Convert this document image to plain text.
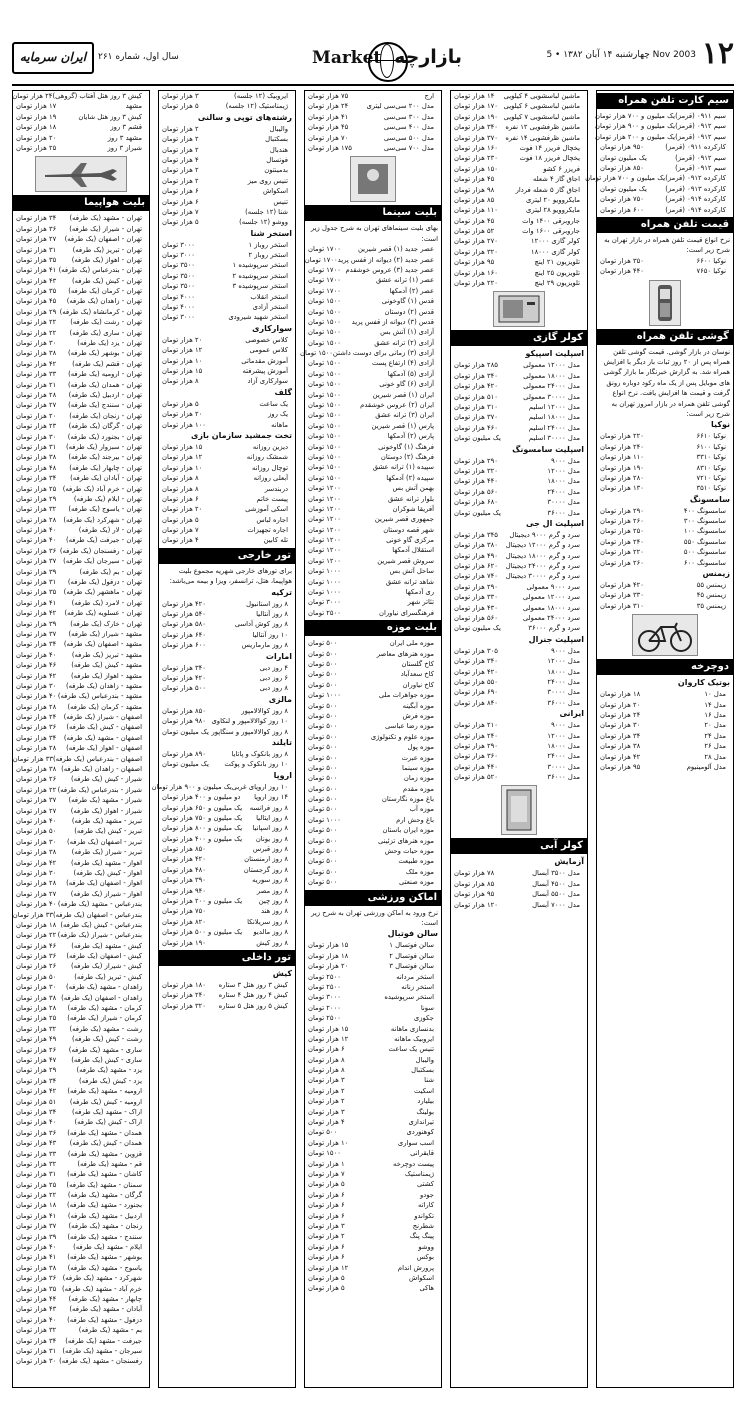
۱۲
چهارشنبه ۱۴ آبان ۱۳۸۲ • 5 Nov 2003
Market بازارچه
سال اول، شماره ۲۶۱
ایران سرمایه
سیم کارت تلفن همراه
سیم ۰۹۱۱ (قرمز)
یک میلیون و ۷۰۰ هزار تومان
سیم ۰۹۱۲ (قرمز)
یک میلیون و ۹۰۰ هزار تومان
سیم ۰۹۱۲ (قرمز)
یک میلیون و ۲۰۰ هزار تومان
کارکرده ۰۹۱۱ (قرمز)
۹۵۰ هزار تومان
سیم ۰۹۱۲ (قرمز)
یک میلیون تومان
سیم ۰۹۱۲ (قرمز)
۸۵۰ هزار تومان
کارکرده ۰۹۱۲ (قرمز)
یک میلیون و ۷۰۰ هزار تومان
کارکرده ۰۹۱۳ (قرمز)
یک میلیون تومان
کارکرده ۰۹۱۴ (قرمز)
۷۵۰ هزار تومان
کارکرده ۰۹۱۴ (قرمز)
۶۰۰ هزار تومان
قیمت تلفن همراه
نرخ انواع قیمت تلفن همراه در بازار تهران به شرح زیر است:
نوکیا ۶۶۰۰
۳۵۰ هزار تومان
نوکیا ۷۶۵۰
۴۴۰ هزار تومان
گوشی تلفن همراه
نوسان در بازار گوشی. قیمت گوشی تلفن همراه پس از ۲۰ روز ثبات بار دیگر با افزایش همراه شد. به گزارش خبرنگار ما بازار گوشی های موبایل پس از یک ماه رکود دوباره رونق گرفت و قیمت ها افزایش یافت. نرخ انواع گوشی تلفن همراه در بازار امروز تهران به شرح زیر است:
نوکیا
نوکیا ۶۶۱۰
۲۲۰ هزار تومان
نوکیا ۶۱۰۰
۲۴۰ هزار تومان
نوکیا ۳۳۱۰
۱۱۰ هزار تومان
نوکیا ۸۳۱۰
۱۹۰ هزار تومان
نوکیا ۷۲۱۰
۲۸۰ هزار تومان
نوکیا ۳۵۱۰
۱۳۰ هزار تومان
سامسونگ
سامسونگ ۴۰۰
۲۹۰ هزار تومان
سامسونگ ۳۰۰
۲۶۰ هزار تومان
سامسونگ ۱۰۰
۲۵۰ هزار تومان
سامسونگ ۵۵۰
۲۴۰ هزار تومان
سامسونگ ۵۰۰
۲۲۰ هزار تومان
سامسونگ ۶۰۰
۲۶۰ هزار تومان
زیمنس
زیمنس ۵۵
۴۲۰ هزار تومان
زیمنس ۴۵
۳۳۰ هزار تومان
زیمنس ۳۵
۳۱۰ هزار تومان
دوچرخه
بوتیک کاروان
مدل ۱۰
۱۸ هزار تومان
مدل ۱۴
۲۰ هزار تومان
مدل ۱۶
۲۴ هزار تومان
مدل ۲۰
۳۰ هزار تومان
مدل ۲۴
۳۴ هزار تومان
مدل ۲۶
۳۸ هزار تومان
مدل ۲۸
۴۲ هزار تومان
مدل آلومینیوم
۹۵ هزار تومان
ماشین لباسشویی ۴ کیلویی
۱۴ هزار تومان
ماشین لباسشویی ۶ کیلویی
۱۷۰ هزار تومان
ماشین لباسشویی ۷ کیلویی
۱۹۰ هزار تومان
ماشین ظرفشویی ۱۲ نفره
۳۴۰ هزار تومان
ماشین ظرفشویی ۱۴ نفره
۳۷۰ هزار تومان
یخچال فریزر ۱۴ فوت
۱۶۰ هزار تومان
یخچال فریزر ۱۸ فوت
۲۳۰ هزار تومان
فریزر ۶ کشو
۱۵۰ هزار تومان
اجاق گاز ۴ شعله
۴۵ هزار تومان
اجاق گاز ۵ شعله فردار
۹۸ هزار تومان
مایکروویو ۲۰ لیتری
۸۵ هزار تومان
مایکروویو ۲۸ لیتری
۱۱۰ هزار تومان
جاروبرقی ۱۴۰۰ وات
۴۵ هزار تومان
جاروبرقی ۱۶۰۰ وات
۵۲ هزار تومان
کولر گازی ۱۲۰۰۰
۲۷۰ هزار تومان
کولر گازی ۱۸۰۰۰
۳۲۰ هزار تومان
تلویزیون ۲۱ اینچ
۹۵ هزار تومان
تلویزیون ۲۵ اینچ
۱۶۰ هزار تومان
تلویزیون ۲۹ اینچ
۲۲۰ هزار تومان
کولر گازی
اسپلیت اسپیکو
مدل ۱۲۰۰۰ معمولی
۲۸۵ هزار تومان
مدل ۱۸۰۰۰ معمولی
۳۴۰ هزار تومان
مدل ۲۴۰۰۰ معمولی
۴۲۰ هزار تومان
مدل ۳۰۰۰۰ معمولی
۵۱۰ هزار تومان
مدل ۱۲۰۰۰ اسلیم
۳۱۰ هزار تومان
مدل ۱۸۰۰۰ اسلیم
۳۷۰ هزار تومان
مدل ۲۴۰۰۰ اسلیم
۴۶۰ هزار تومان
مدل ۳۰۰۰۰ اسلیم
یک میلیون تومان
اسپلیت سامسونگ
مدل ۹۰۰۰
۲۹۰ هزار تومان
مدل ۱۲۰۰۰
۳۲۰ هزار تومان
مدل ۱۸۰۰۰
۴۴۰ هزار تومان
مدل ۲۴۰۰۰
۵۶۰ هزار تومان
مدل ۳۰۰۰۰
۶۸۰ هزار تومان
مدل ۳۶۰۰۰
یک میلیون تومان
اسپلیت ال جی
سرد و گرم ۹۰۰۰ دیجیتال
۳۴۵ هزار تومان
سرد و گرم ۱۲۰۰۰ دیجیتال
۳۸۰ هزار تومان
سرد و گرم ۱۸۰۰۰ دیجیتال
۴۹۰ هزار تومان
سرد و گرم ۲۴۰۰۰ دیجیتال
۶۲۰ هزار تومان
سرد و گرم ۳۰۰۰۰ دیجیتال
۷۴۰ هزار تومان
سرد ۹۰۰۰ معمولی
۲۹۰ هزار تومان
سرد ۱۲۰۰۰ معمولی
۳۳۰ هزار تومان
سرد ۱۸۰۰۰ معمولی
۴۳۰ هزار تومان
سرد ۲۴۰۰۰ معمولی
۵۶۰ هزار تومان
سرد و گرم ۳۶۰۰۰
یک میلیون تومان
اسپلیت جنرال
مدل ۹۰۰۰
۳۰۵ هزار تومان
مدل ۱۲۰۰۰
۳۴۰ هزار تومان
مدل ۱۸۰۰۰
۴۲۰ هزار تومان
مدل ۲۴۰۰۰
۵۵۰ هزار تومان
مدل ۳۰۰۰۰
۶۹۰ هزار تومان
مدل ۳۶۰۰۰
۸۴۰ هزار تومان
ایرانی
مدل ۹۰۰۰
۲۱۰ هزار تومان
مدل ۱۲۰۰۰
۲۴۰ هزار تومان
مدل ۱۸۰۰۰
۲۹۰ هزار تومان
مدل ۲۴۰۰۰
۳۶۰ هزار تومان
مدل ۳۰۰۰۰
۴۴۰ هزار تومان
مدل ۳۶۰۰۰
۵۲۰ هزار تومان
کولر آبی
آزمایش
مدل ۳۵۰۰ آبسال
۷۸ هزار تومان
مدل ۴۵۰۰ آبسال
۸۵ هزار تومان
مدل ۵۵۰۰ آبسال
۹۵ هزار تومان
مدل ۷۰۰۰ آبسال
۱۲۰ هزار تومان
ارج
۷۵ هزار تومان
مدل ۲۰۰ سی‌سی لیتری
۲۴ هزار تومان
مدل ۳۰۰ سی‌سی
۴۱ هزار تومان
مدل ۴۰۰ سی‌سی
۴۵ هزار تومان
مدل ۵۰۰ سی‌سی
۷۰ هزار تومان
مدل ۷۰۰ سی‌سی
۱۷۵ هزار تومان
بلیت سینما
بهای بلیت سینماهای تهران به شرح جدول زیر است:
عصر جدید (۱) قصر شیرین
۱۷۰۰ تومان
عصر جدید (۲) دیوانه از قفس پرید
۱۷۰۰ تومان
عصر جدید (۳) عروس خوشقدم
۱۷۰۰ تومان
عصر (۱) ترانه عشق
۱۷۰۰ تومان
عصر (۲) آدمکها
۱۷۰۰ تومان
قدس (۱) گاوخونی
۱۵۰۰ تومان
قدس (۲) دوستان
۱۵۰۰ تومان
قدس (۳) دیوانه از قفس پرید
۱۵۰۰ تومان
آزادی (۱) آتش بس
۱۵۰۰ تومان
آزادی (۲) ترانه عشق
۱۵۰۰ تومان
آزادی (۳) زمانی برای دوست داشتن
۱۵۰۰ تومان
آزادی (۴) ارتفاع پست
۱۵۰۰ تومان
آزادی (۵) آدمکها
۱۵۰۰ تومان
آزادی (۶) گاو خونی
۱۵۰۰ تومان
ایران (۱) قصر شیرین
۱۵۰۰ تومان
ایران (۲) عروس خوشقدم
۱۵۰۰ تومان
ایران (۳) ترانه عشق
۱۵۰۰ تومان
پارس (۱) قصر شیرین
۱۵۰۰ تومان
پارس (۲) آدمکها
۱۵۰۰ تومان
فرهنگ (۱) گاوخونی
۱۵۰۰ تومان
فرهنگ (۲) دوستان
۱۵۰۰ تومان
سپیده (۱) ترانه عشق
۱۵۰۰ تومان
سپیده (۲) آدمکها
۱۵۰۰ تومان
بهمن آتش بس
۱۲۰۰ تومان
بلوار ترانه عشق
۱۲۰۰ تومان
آفریقا شوکران
۱۲۰۰ تومان
جمهوری قصر شیرین
۱۲۰۰ تومان
شهر قصه دوستان
۱۲۰۰ تومان
مرکزی گاو خونی
۱۲۰۰ تومان
استقلال آدمکها
۱۲۰۰ تومان
سروش قصر شیرین
۱۲۰۰ تومان
ساحل آتش بس
۱۰۰۰ تومان
شاهد ترانه عشق
۱۰۰۰ تومان
ری آدمکها
۱۰۰۰ تومان
تئاتر شهر
۳۰۰۰ تومان
فرهنگسرای نیاوران
۲۵۰۰ تومان
بلیت موزه
موزه ملی ایران
۵۰۰ تومان
موزه هنرهای معاصر
۵۰۰ تومان
کاخ گلستان
۵۰۰ تومان
کاخ سعدآباد
۵۰۰ تومان
کاخ نیاوران
۵۰۰ تومان
موزه جواهرات ملی
۱۰۰۰ تومان
موزه آبگینه
۵۰۰ تومان
موزه فرش
۵۰۰ تومان
موزه رضا عباسی
۵۰۰ تومان
موزه علوم و تکنولوژی
۵۰۰ تومان
موزه پول
۵۰۰ تومان
موزه عبرت
۵۰۰ تومان
موزه سینما
۵۰۰ تومان
موزه زمان
۵۰۰ تومان
موزه مقدم
۵۰۰ تومان
باغ موزه نگارستان
۵۰۰ تومان
موزه آب
۵۰۰ تومان
باغ وحش ارم
۱۰۰۰ تومان
موزه ایران باستان
۵۰۰ تومان
موزه هنرهای تزئینی
۵۰۰ تومان
موزه حیات وحش
۵۰۰ تومان
موزه طبیعت
۵۰۰ تومان
موزه ملک
۵۰۰ تومان
موزه صنعتی
۵۰۰ تومان
اماکن ورزشی
نرخ ورود به اماکن ورزشی تهران به شرح زیر است:
سالن فوتبال
سالن فوتسال ۱
۱۵ هزار تومان
سالن فوتسال ۲
۱۸ هزار تومان
سالن فوتسال ۳
۲۰ هزار تومان
استخر مردانه
۲۵۰۰ تومان
استخر زنانه
۲۵۰۰ تومان
استخر سرپوشیده
۳۰۰۰ تومان
سونا
۲۰۰۰ تومان
جکوزی
۲۵۰۰ تومان
بدنسازی ماهانه
۱۵ هزار تومان
ایروبیک ماهانه
۱۲ هزار تومان
تنیس یک ساعت
۶ هزار تومان
والیبال
۸ هزار تومان
بسکتبال
۸ هزار تومان
شنا
۳ هزار تومان
اسکیت
۲ هزار تومان
بیلیارد
۲ هزار تومان
بولینگ
۳ هزار تومان
تیراندازی
۴ هزار تومان
کوهنوردی
۵۰۰ تومان
اسب سواری
۱۰ هزار تومان
قایقرانی
۱۵۰۰ تومان
پیست دوچرخه
۱ هزار تومان
ژیمناستیک
۷ هزار تومان
کشتی
۵ هزار تومان
جودو
۶ هزار تومان
کاراته
۶ هزار تومان
تکواندو
۶ هزار تومان
شطرنج
۳ هزار تومان
پینگ پنگ
۲ هزار تومان
ووشو
۶ هزار تومان
بوکس
۶ هزار تومان
پرورش اندام
۱۲ هزار تومان
اسکواش
۵ هزار تومان
هاکی
۵ هزار تومان
ایروبیک (۱۲ جلسه)
۳ هزار تومان
ژیمناستیک (۱۲ جلسه)
۵ هزار تومان
رشته‌های توپی و سالنی
والیبال
۲ هزار تومان
بسکتبال
۲ هزار تومان
هندبال
۲ هزار تومان
فوتسال
۴ هزار تومان
بدمینتون
۲ هزار تومان
تنیس روی میز
۲ هزار تومان
اسکواش
۶ هزار تومان
تنیس
۶ هزار تومان
شنا (۱۲ جلسه)
۷ هزار تومان
ووشو (۱۲ جلسه)
۵ هزار تومان
استخر شنا
استخر روباز ۱
۳۰۰۰ تومان
استخر روباز ۲
۳۰۰۰ تومان
استخر سرپوشیده ۱
۳۵۰۰ تومان
استخر سرپوشیده ۲
۳۵۰۰ تومان
استخر سرپوشیده ۳
۳۵۰۰ تومان
استخر انقلاب
۴۰۰۰ تومان
استخر آزادی
۴۰۰۰ تومان
استخر شهید شیرودی
۳۰۰۰ تومان
سوارکاری
کلاس خصوصی
۲۰ هزار تومان
کلاس عمومی
۱۲ هزار تومان
آموزش مقدماتی
۱۰ هزار تومان
آموزش پیشرفته
۱۵ هزار تومان
سوارکاری آزاد
۸ هزار تومان
گلف
یک ساعت
۵ هزار تومان
یک روز
۲۰ هزار تومان
ماهانه
۱۰۰ هزار تومان
تخت جمشید سازمان بازی
دیزین روزانه
۱۵ هزار تومان
شمشک روزانه
۱۲ هزار تومان
توچال روزانه
۱۰ هزار تومان
آبعلی روزانه
۸ هزار تومان
دربندسر
۸ هزار تومان
پیست خاتم
۶ هزار تومان
اسکی آموزشی
۲۰ هزار تومان
اجاره لباس
۵ هزار تومان
اجاره تجهیزات
۷ هزار تومان
تله کابین
۴ هزار تومان
تور خارجی
برای تورهای خارجی شهریه مجموع بلیت هواپیما، هتل، ترانسفر، ویزا و بیمه می‌باشد:
ترکیه
۸ روز استانبول
۴۲۰ هزار تومان
۸ روز آنتالیا
۵۴۰ هزار تومان
۸ روز کوش آداسی
۵۸۰ هزار تومان
۱۰ روز آنتالیا
۶۴۰ هزار تومان
۸ روز مارماریس
۶۰۰ هزار تومان
امارات
۴ روز دبی
۳۴۰ هزار تومان
۶ روز دبی
۴۲۰ هزار تومان
۸ روز دبی
۵۰۰ هزار تومان
مالزی
۸ روز کوالالامپور
۸۵۰ هزار تومان
۱۰ روز کوالالامپور و لنکاوی
۹۸۰ هزار تومان
۸ روز کوالالامپور و سنگاپور
یک میلیون تومان
تایلند
۸ روز بانکوک و پاتایا
۸۹۰ هزار تومان
۱۰ روز بانکوک و پوکت
یک میلیون تومان
اروپا
۱۰ روز اروپای غربی
یک میلیون و ۹۰۰ هزار تومان
۱۴ روز اروپا
دو میلیون و ۴۰۰ هزار تومان
۸ روز فرانسه
یک میلیون و ۶۵۰ هزار تومان
۸ روز ایتالیا
یک میلیون و ۷۵۰ هزار تومان
۸ روز اسپانیا
یک میلیون و ۸۰۰ هزار تومان
۸ روز یونان
یک میلیون و ۴۰۰ هزار تومان
۸ روز قبرس
۸۵۰ هزار تومان
۸ روز ارمنستان
۴۲۰ هزار تومان
۸ روز گرجستان
۴۸۰ هزار تومان
۸ روز سوریه
۳۹۰ هزار تومان
۸ روز مصر
۹۴۰ هزار تومان
۸ روز چین
یک میلیون و ۲۰۰ هزار تومان
۸ روز هند
۷۵۰ هزار تومان
۸ روز سریلانکا
۸۲۰ هزار تومان
۸ روز مالدیو
یک میلیون و ۵۰۰ هزار تومان
۸ روز کیش
۱۹۰ هزار تومان
تور داخلی
کیش
کیش ۳ روز هتل ۳ ستاره
۱۸۰ هزار تومان
کیش ۴ روز هتل ۴ ستاره
۲۴۰ هزار تومان
کیش ۵ روز هتل ۵ ستاره
۳۲۰ هزار تومان
کیش ۳ روز هتل آفتاب (گروهی)
۲۴ هزار تومان
مشهد
۱۷ هزار تومان
کیش ۳ روز هتل شایان
۱۹ هزار تومان
قشم ۳ روز
۱۸ هزار تومان
مشهد ۳ روز
۲۰ هزار تومان
شیراز ۳ روز
۲۵ هزار تومان
بلیت هواپیما
تهران - مشهد (یک طرفه)
۳۴ هزار تومان
تهران - شیراز (یک طرفه)
۳۶ هزار تومان
تهران - اصفهان (یک طرفه)
۲۷ هزار تومان
تهران - تبریز (یک طرفه)
۳۱ هزار تومان
تهران - اهواز (یک طرفه)
۳۵ هزار تومان
تهران - بندرعباس (یک طرفه)
۴۱ هزار تومان
تهران - کیش (یک طرفه)
۴۳ هزار تومان
تهران - کرمان (یک طرفه)
۳۵ هزار تومان
تهران - زاهدان (یک طرفه)
۴۵ هزار تومان
تهران - کرمانشاه (یک طرفه)
۲۹ هزار تومان
تهران - رشت (یک طرفه)
۲۲ هزار تومان
تهران - ساری (یک طرفه)
۲۲ هزار تومان
تهران - یزد (یک طرفه)
۳۰ هزار تومان
تهران - بوشهر (یک طرفه)
۳۸ هزار تومان
تهران - قشم (یک طرفه)
۴۲ هزار تومان
تهران - ارومیه (یک طرفه)
۳۳ هزار تومان
تهران - همدان (یک طرفه)
۲۱ هزار تومان
تهران - اردبیل (یک طرفه)
۲۸ هزار تومان
تهران - سنندج (یک طرفه)
۲۷ هزار تومان
تهران - زنجان (یک طرفه)
۲۰ هزار تومان
تهران - گرگان (یک طرفه)
۲۳ هزار تومان
تهران - بجنورد (یک طرفه)
۳۰ هزار تومان
تهران - سبزوار (یک طرفه)
۳۱ هزار تومان
تهران - بیرجند (یک طرفه)
۳۸ هزار تومان
تهران - چابهار (یک طرفه)
۴۸ هزار تومان
تهران - آبادان (یک طرفه)
۳۴ هزار تومان
تهران - خرم آباد (یک طرفه)
۲۵ هزار تومان
تهران - ایلام (یک طرفه)
۲۹ هزار تومان
تهران - یاسوج (یک طرفه)
۳۲ هزار تومان
تهران - شهرکرد (یک طرفه)
۲۸ هزار تومان
تهران - لار (یک طرفه)
۴۰ هزار تومان
تهران - جیرفت (یک طرفه)
۴۰ هزار تومان
تهران - رفسنجان (یک طرفه)
۳۶ هزار تومان
تهران - سیرجان (یک طرفه)
۳۷ هزار تومان
تهران - بم (یک طرفه)
۳۹ هزار تومان
تهران - دزفول (یک طرفه)
۳۱ هزار تومان
تهران - ماهشهر (یک طرفه)
۳۵ هزار تومان
تهران - لامرد (یک طرفه)
۴۱ هزار تومان
تهران - عسلویه (یک طرفه)
۴۲ هزار تومان
تهران - خارک (یک طرفه)
۳۹ هزار تومان
مشهد - شیراز (یک طرفه)
۳۷ هزار تومان
مشهد - اصفهان (یک طرفه)
۳۴ هزار تومان
مشهد - تبریز (یک طرفه)
۴۰ هزار تومان
مشهد - کیش (یک طرفه)
۴۶ هزار تومان
مشهد - اهواز (یک طرفه)
۴۲ هزار تومان
مشهد - زاهدان (یک طرفه)
۳۰ هزار تومان
مشهد - بندرعباس (یک طرفه)
۴۰ هزار تومان
مشهد - کرمان (یک طرفه)
۲۸ هزار تومان
اصفهان - شیراز (یک طرفه)
۲۴ هزار تومان
اصفهان - کیش (یک طرفه)
۳۶ هزار تومان
اصفهان - مشهد (یک طرفه)
۳۴ هزار تومان
اصفهان - اهواز (یک طرفه)
۲۸ هزار تومان
اصفهان - بندرعباس (یک طرفه)
۳۳ هزار تومان
اصفهان - زاهدان (یک طرفه)
۳۸ هزار تومان
شیراز - کیش (یک طرفه)
۲۶ هزار تومان
شیراز - بندرعباس (یک طرفه)
۲۲ هزار تومان
شیراز - مشهد (یک طرفه)
۳۷ هزار تومان
شیراز - اهواز (یک طرفه)
۲۷ هزار تومان
تبریز - مشهد (یک طرفه)
۴۰ هزار تومان
تبریز - کیش (یک طرفه)
۵۰ هزار تومان
تبریز - اصفهان (یک طرفه)
۳۰ هزار تومان
تبریز - شیراز (یک طرفه)
۳۸ هزار تومان
اهواز - مشهد (یک طرفه)
۴۲ هزار تومان
اهواز - کیش (یک طرفه)
۳۰ هزار تومان
اهواز - اصفهان (یک طرفه)
۲۸ هزار تومان
اهواز - شیراز (یک طرفه)
۲۷ هزار تومان
بندرعباس - مشهد (یک طرفه)
۴۰ هزار تومان
بندرعباس - اصفهان (یک طرفه)
۳۳ هزار تومان
بندرعباس - کیش (یک طرفه)
۱۸ هزار تومان
بندرعباس - شیراز (یک طرفه)
۲۲ هزار تومان
کیش - مشهد (یک طرفه)
۴۶ هزار تومان
کیش - اصفهان (یک طرفه)
۳۶ هزار تومان
کیش - شیراز (یک طرفه)
۲۶ هزار تومان
کیش - تبریز (یک طرفه)
۵۰ هزار تومان
زاهدان - مشهد (یک طرفه)
۳۰ هزار تومان
زاهدان - اصفهان (یک طرفه)
۳۸ هزار تومان
کرمان - مشهد (یک طرفه)
۲۸ هزار تومان
کرمان - شیراز (یک طرفه)
۲۵ هزار تومان
رشت - مشهد (یک طرفه)
۳۲ هزار تومان
رشت - کیش (یک طرفه)
۴۹ هزار تومان
ساری - مشهد (یک طرفه)
۲۶ هزار تومان
ساری - کیش (یک طرفه)
۴۷ هزار تومان
یزد - مشهد (یک طرفه)
۲۹ هزار تومان
یزد - کیش (یک طرفه)
۳۴ هزار تومان
ارومیه - مشهد (یک طرفه)
۴۲ هزار تومان
ارومیه - کیش (یک طرفه)
۵۱ هزار تومان
اراک - مشهد (یک طرفه)
۳۴ هزار تومان
اراک - کیش (یک طرفه)
۴۰ هزار تومان
همدان - مشهد (یک طرفه)
۳۶ هزار تومان
همدان - کیش (یک طرفه)
۴۳ هزار تومان
قزوین - مشهد (یک طرفه)
۳۳ هزار تومان
قم - مشهد (یک طرفه)
۳۲ هزار تومان
کاشان - مشهد (یک طرفه)
۳۱ هزار تومان
سمنان - مشهد (یک طرفه)
۲۵ هزار تومان
گرگان - مشهد (یک طرفه)
۲۲ هزار تومان
بجنورد - مشهد (یک طرفه)
۱۸ هزار تومان
اردبیل - مشهد (یک طرفه)
۴۱ هزار تومان
زنجان - مشهد (یک طرفه)
۳۷ هزار تومان
سنندج - مشهد (یک طرفه)
۳۹ هزار تومان
ایلام - مشهد (یک طرفه)
۴۰ هزار تومان
بوشهر - مشهد (یک طرفه)
۴۱ هزار تومان
یاسوج - مشهد (یک طرفه)
۳۸ هزار تومان
شهرکرد - مشهد (یک طرفه)
۳۶ هزار تومان
خرم آباد - مشهد (یک طرفه)
۳۵ هزار تومان
چابهار - مشهد (یک طرفه)
۴۴ هزار تومان
آبادان - مشهد (یک طرفه)
۴۳ هزار تومان
دزفول - مشهد (یک طرفه)
۴۰ هزار تومان
بم - مشهد (یک طرفه)
۳۲ هزار تومان
جیرفت - مشهد (یک طرفه)
۳۴ هزار تومان
سیرجان - مشهد (یک طرفه)
۳۱ هزار تومان
رفسنجان - مشهد (یک طرفه)
۳۰ هزار تومان
